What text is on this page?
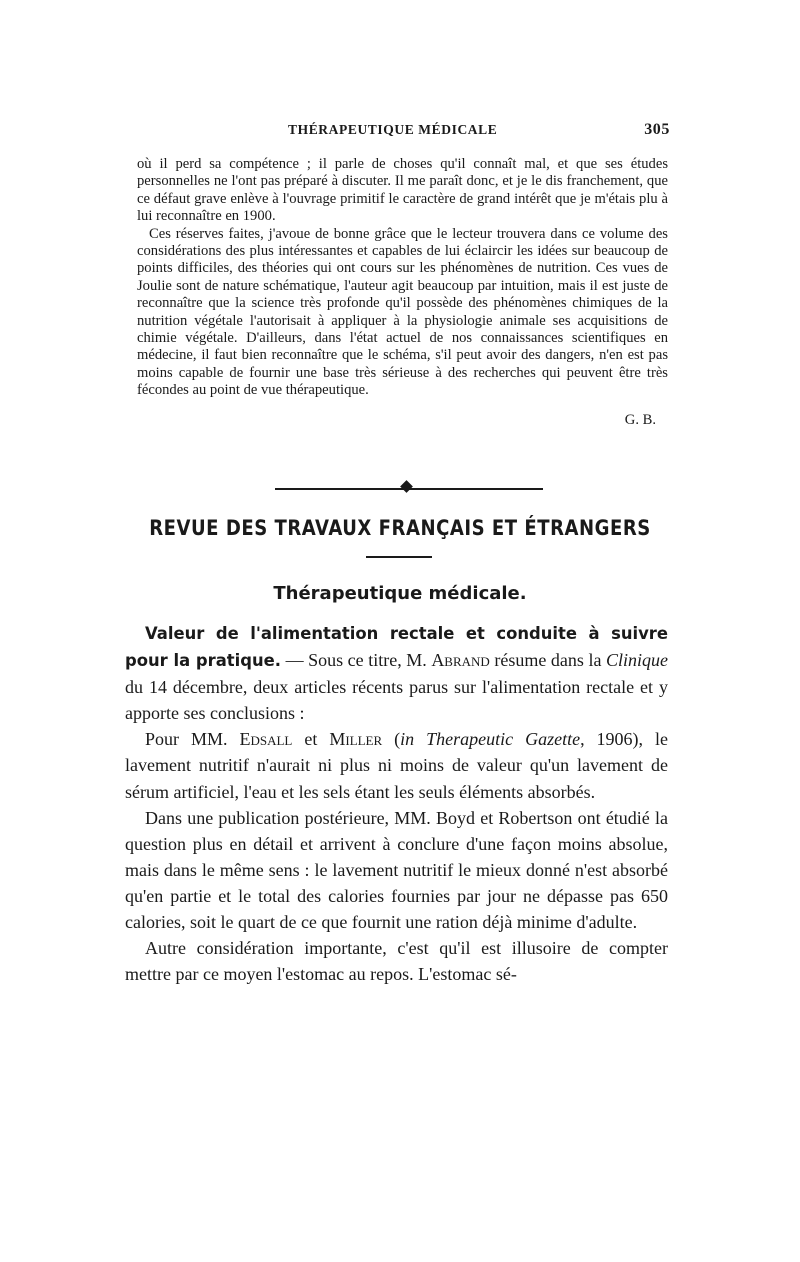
THÉRAPEUTIQUE MÉDICALE	305

où il perd sa compétence ; il parle de choses qu'il connaît mal, et que ses études personnelles ne l'ont pas préparé à discuter. Il me paraît donc, et je le dis franchement, que ce défaut grave enlève à l'ouvrage primitif le caractère de grand intérêt que je m'étais plu à lui reconnaître en 1900.

Ces réserves faites, j'avoue de bonne grâce que le lecteur trouvera dans ce volume des considérations des plus intéressantes et capables de lui éclaircir les idées sur beaucoup de points difficiles, des théories qui ont cours sur les phénomènes de nutrition. Ces vues de Joulie sont de nature schématique, l'auteur agit beaucoup par intuition, mais il est juste de reconnaître que la science très profonde qu'il possède des phénomènes chimiques de la nutrition végétale l'autorisait à appliquer à la physiologie animale ses acquisitions de chimie végétale. D'ailleurs, dans l'état actuel de nos connaissances scientifiques en médecine, il faut bien reconnaître que le schéma, s'il peut avoir des dangers, n'en est pas moins capable de fournir une base très sérieuse à des recherches qui peuvent être très fécondes au point de vue thérapeutique.

G. B.
REVUE DES TRAVAUX FRANÇAIS ET ÉTRANGERS
Thérapeutique médicale.

Valeur de l'alimentation rectale et conduite à suivre pour la pratique. — Sous ce titre, M. Abrand résume dans la Clinique du 14 décembre, deux articles récents parus sur l'alimentation rectale et y apporte ses conclusions :

Pour MM. Edsall et Miller (in Therapeutic Gazette, 1906), le lavement nutritif n'aurait ni plus ni moins de valeur qu'un lavement de sérum artificiel, l'eau et les sels étant les seuls éléments absorbés.

Dans une publication postérieure, MM. Boyd et Robertson ont étudié la question plus en détail et arrivent à conclure d'une façon moins absolue, mais dans le même sens : le lavement nutritif le mieux donné n'est absorbé qu'en partie et le total des calories fournies par jour ne dépasse pas 650 calories, soit le quart de ce que fournit une ration déjà minime d'adulte.

Autre considération importante, c'est qu'il est illusoire de compter mettre par ce moyen l'estomac au repos. L'estomac sé-
